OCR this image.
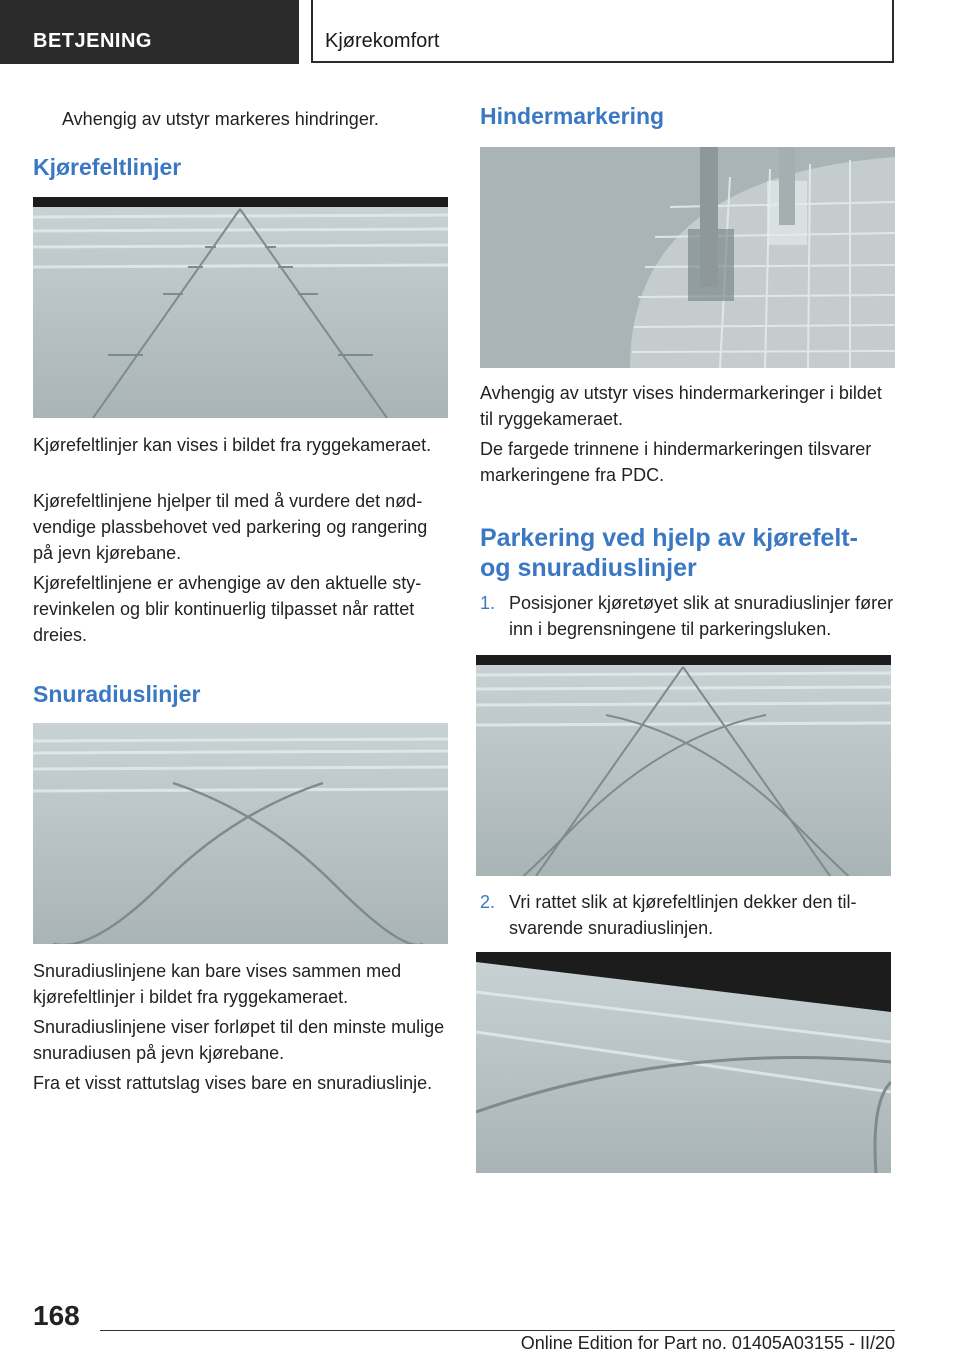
BETJENING	Kjørekomfort

Avhengig av utstyr markeres hindringer.

Kjørefeltlinjer

Kjørefeltlinjer kan vises i bildet fra ryggekameraet.

Kjørefeltlinjene hjelper til med å vurdere det nødvendige plassbehovet ved parkering og rangering på jevn kjørebane.

Kjørefeltlinjene er avhengige av den aktuelle styrevinkelen og blir kontinuerlig tilpasset når rattet dreies.

Snuradiuslinjer

Snuradiuslinjene kan bare vises sammen med kjørefeltlinjer i bildet fra ryggekameraet.

Snuradiuslinjene viser forløpet til den minste mulige snuradiusen på jevn kjørebane.

Fra et visst rattutslag vises bare en snuradiuslinje.

Hindermarkering

Avhengig av utstyr vises hindermarkeringer i bildet til ryggekameraet.

De fargede trinnene i hindermarkeringen tilsvarer markeringene fra PDC.

Parkering ved hjelp av kjørefelt- og snuradiuslinjer
1. Posisjoner kjøretøyet slik at snuradiuslinjer fører inn i begrensningene til parkeringsluken.

2. Vri rattet slik at kjørefeltlinjen dekker den tilsvarende snuradiuslinjen.

168
Online Edition for Part no. 01405A03155 - II/20
